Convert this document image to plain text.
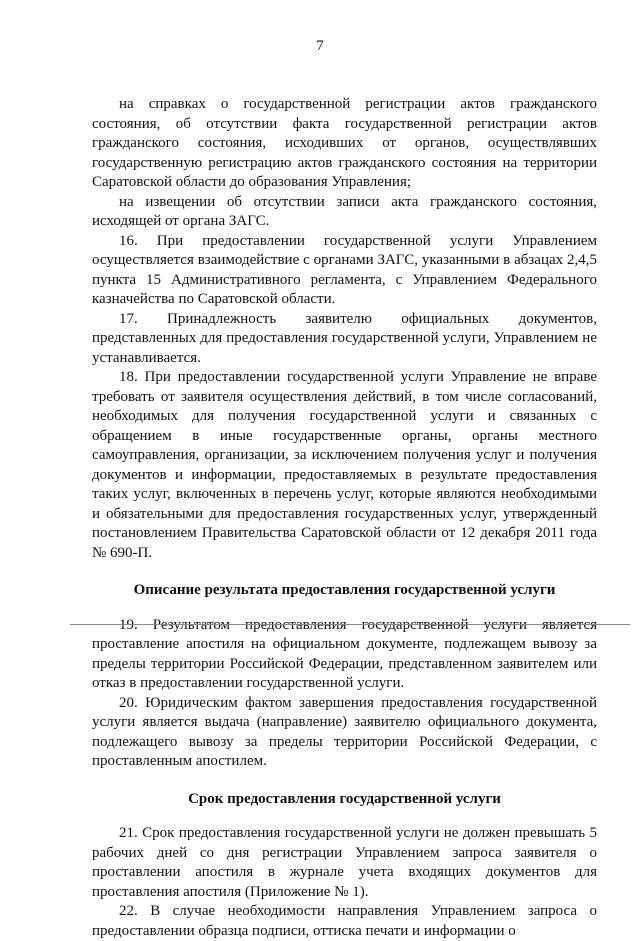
7

на справках о государственной регистрации актов гражданского состояния, об отсутствии факта государственной регистрации актов гражданского состояния, исходивших от органов, осуществлявших государственную регистрацию актов гражданского состояния на территории Саратовской области до образования Управления;

на извещении об отсутствии записи акта гражданского состояния, исходящей от органа ЗАГС.

16. При предоставлении государственной услуги Управлением осуществляется взаимодействие с органами ЗАГС, указанными в абзацах 2,4,5 пункта 15 Административного регламента, с Управлением Федерального казначейства по Саратовской области.

17. Принадлежность заявителю официальных документов, представленных для предоставления государственной услуги, Управлением не устанавливается.

18. При предоставлении государственной услуги Управление не вправе требовать от заявителя осуществления действий, в том числе согласований, необходимых для получения государственной услуги и связанных с обращением в иные государственные органы, органы местного самоуправления, организации, за исключением получения услуг и получения документов и информации, предоставляемых в результате предоставления таких услуг, включенных в перечень услуг, которые являются необходимыми и обязательными для предоставления государственных услуг, утвержденный постановлением Правительства Саратовской области от 12 декабря 2011 года № 690-П.

Описание результата предоставления государственной услуги

19. Результатом предоставления государственной услуги является проставление апостиля на официальном документе, подлежащем вывозу за пределы территории Российской Федерации, представленном заявителем или отказ в предоставлении государственной услуги.

20. Юридическим фактом завершения предоставления государственной услуги является выдача (направление) заявителю официального документа, подлежащего вывозу за пределы территории Российской Федерации, с проставленным апостилем.

Срок предоставления государственной услуги

21. Срок предоставления государственной услуги не должен превышать 5 рабочих дней со дня регистрации Управлением запроса заявителя о проставлении апостиля в журнале учета входящих документов для проставления апостиля (Приложение № 1).

22. В случае необходимости направления Управлением запроса о предоставлении образца подписи, оттиска печати и информации о
